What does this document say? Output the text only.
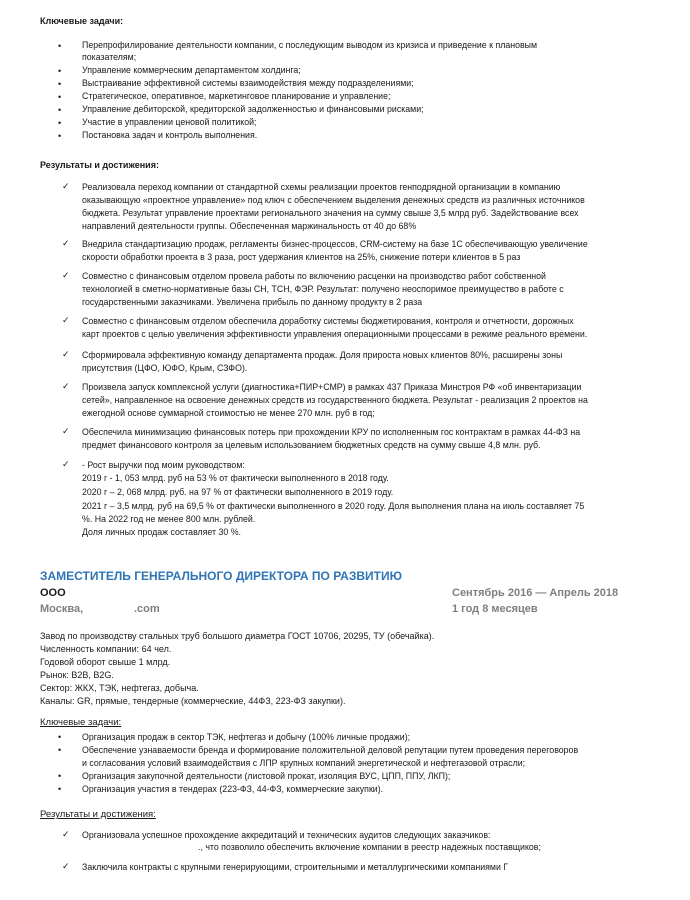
Ключевые задачи:
• Перепрофилирование деятельности компании, с последующим выводом из кризиса и приведение к плановым
показателям;
• Управление коммерческим департаментом холдинга;
• Выстраивание эффективной системы взаимодействия между подразделениями;
• Стратегическое, оперативное, маркетинговое планирование и управление;
• Управление дебиторской, кредиторской задолженностью и финансовыми рисками;
• Участие в управлении ценовой политикой;
• Постановка задач и контроль выполнения.
Результаты и достижения:
✓ Реализовала переход компании от стандартной схемы реализации проектов генподрядной организации в компанию
оказывающую «проектное управление» под ключ с обеспечением выделения денежных средств из различных источников
бюджета. Результат управление проектами регионального значения на сумму свыше 3,5 млрд руб. Задействование всех
направлений деятельности группы. Обеспеченная маржинальность от 40 до 68%
✓ Внедрила стандартизацию продаж, регламенты бизнес-процессов, CRM-систему на базе 1С обеспечивающую увеличение
скорости обработки проекта в 3 раза, рост удержания клиентов на 25%, снижение потери клиентов в 5 раз
✓ Совместно с финансовым отделом провела работы по включению расценки на производство работ собственной
технологией в сметно-нормативные базы СН, ТСН, ФЭР. Результат: получено неоспоримое преимущество в работе с
государственными заказчиками. Увеличена прибыль по данному продукту в 2 раза
✓ Совместно с финансовым отделом обеспечила доработку системы бюджетирования, контроля и отчетности, дорожных
карт проектов с целью увеличения эффективности управления операционными процессами в режиме реального времени.
✓ Сформировала эффективную команду департамента продаж. Доля прироста новых клиентов 80%, расширены зоны
присутствия (ЦФО, ЮФО, Крым, СЗФО).
✓ Произвела запуск комплексной услуги (диагностика+ПИР+СМР) в рамках 437 Приказа Минстроя РФ «об инвентаризации
сетей», направленное на освоение денежных средств из государственного бюджета. Результат - реализация 2 проектов на
ежегодной основе суммарной стоимостью не менее 270 млн. руб в год;
✓ Обеспечила минимизацию финансовых потерь при прохождении КРУ по исполненным гос контрактам в рамках 44-ФЗ на
предмет финансового контроля за целевым использованием бюджетных средств на сумму свыше 4,8 млн. руб.
✓ - Рост выручки под моим руководством:
2019 г - 1, 053 млрд. руб на 53 % от фактически выполненного в 2018 году.
2020 г – 2, 068 млрд. руб. на 97 % от фактически выполненного в 2019 году.
2021 г – 3,5 млрд. руб на 69,5 % от фактически выполненного в 2020 году. Доля выполнения плана на июль составляет 75
%. На 2022 год не менее 800 млн. рублей.
Доля личных продаж составляет 30 %.
ЗАМЕСТИТЕЛЬ ГЕНЕРАЛЬНОГО ДИРЕКТОРА ПО РАЗВИТИЮ
ООО	Сентябрь 2016 — Апрель 2018
Москва,	.com	1 год 8 месяцев
Завод по производству стальных труб большого диаметра ГОСТ 10706, 20295, ТУ (обечайка).
Численность компании: 64 чел.
Годовой оборот свыше 1 млрд.
Рынок: B2B, B2G.
Сектор: ЖКХ, ТЭК, нефтегаз, добыча.
Каналы: GR, прямые, тендерные (коммерческие, 44ФЗ, 223-ФЗ закупки).
Ключевые задачи:
• Организация продаж в сектор ТЭК, нефтегаз и добычу (100% личные продажи);
• Обеспечение узнаваемости бренда и формирование положительной деловой репутации путем проведения переговоров
и согласования условий взаимодействия с ЛПР крупных компаний энергетической и нефтегазовой отрасли;
• Организация закупочной деятельности (листовой прокат, изоляция ВУС, ЦПП, ППУ, ЛКП);
• Организация участия в тендерах (223-ФЗ, 44-ФЗ, коммерческие закупки).
Результаты и достижения:
✓ Организовала успешное прохождение аккредитаций и технических аудитов следующих заказчиков:
., что позволило обеспечить включение компании в реестр надежных поставщиков;
✓ Заключила контракты с крупными генерирующими, строительными и металлургическими компаниями Г
